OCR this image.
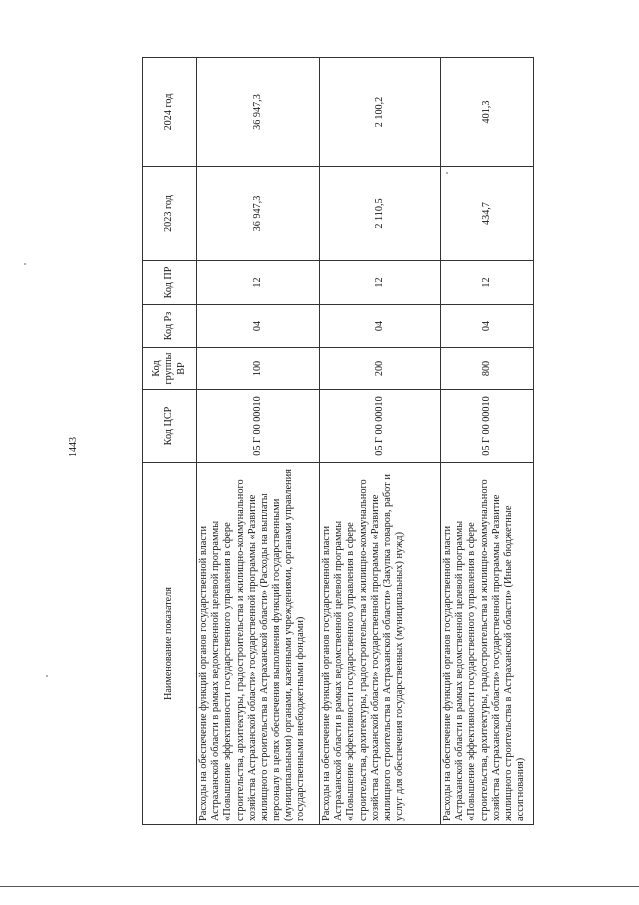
1443
Наименование показателя	Код ЦСР	Код группы ВР	Код Рз	Код ПР	2023 год	2024 год
Расходы на обеспечение функций органов государственной власти Астраханской области в рамках ведомственной целевой программы «Повышение эффективности государственного управления в сфере строительства, архитектуры, градостроительства и жилищно-коммунального хозяйства Астраханской области» государственной программы «Развитие жилищного строительства в Астраханской области» (Расходы на выплаты персоналу в целях обеспечения выполнения функций государственными (муниципальными) органами, казенными учреждениями, органами управления государственными внебюджетными фондами)	05 Г 00 00010	100	04	12	36 947,3	36 947,3
Расходы на обеспечение функций органов государственной власти Астраханской области в рамках ведомственной целевой программы «Повышение эффективности государственного управления в сфере строительства, архитектуры, градостроительства и жилищно-коммунального хозяйства Астраханской области» государственной программы «Развитие жилищного строительства в Астраханской области» (Закупка товаров, работ и услуг для обеспечения государственных (муниципальных) нужд)	05 Г 00 00010	200	04	12	2 110,5	2 100,2
Расходы на обеспечение функций органов государственной власти Астраханской области в рамках ведомственной целевой программы «Повышение эффективности государственного управления в сфере строительства, архитектуры, градостроительства и жилищно-коммунального хозяйства Астраханской области» государственной программы «Развитие жилищного строительства в Астраханской области» (Иные бюджетные ассигнования)	05 Г 00 00010	800	04	12	434,7	401,3
